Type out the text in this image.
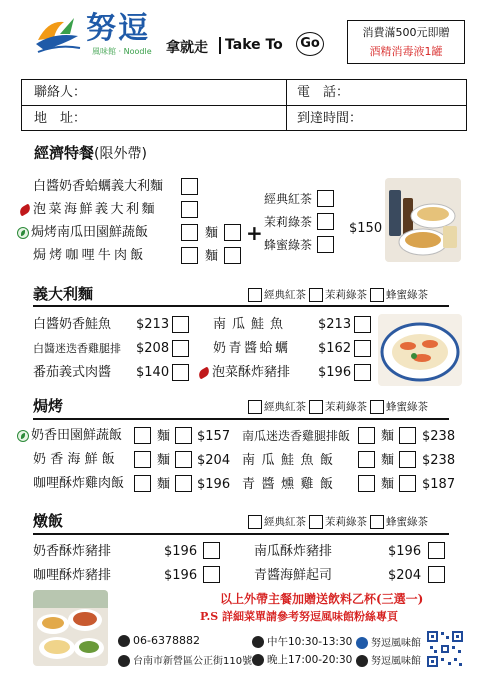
努逗
風味館 · Noodle 拿就走 Take To	Go
消費滿500元即贈
酒精消毒液1罐
聯絡人：	電　話：
地　址：	到達時間：
經濟特餐(限外帶)
白醬奶香蛤蠣義大利麵
泡菜海鮮義大利麵
焗烤南瓜田園鮮蔬飯	麵
焗烤咖哩牛肉飯	麵
+
經典紅茶
茉莉綠茶
蜂蜜綠茶
$150
義大利麵	經典紅茶 茉莉綠茶 蜂蜜綠茶
白醬奶香鮭魚 $213
白醬迷迭香雞腿排 $208
番茄義式肉醬 $140
南瓜鮭魚 $213
奶青醬蛤蠣 $162
泡菜酥炸豬排 $196
焗烤	經典紅茶 茉莉綠茶 蜂蜜綠茶
奶香田園鮮蔬飯	麵 $157
奶香海鮮飯	麵 $204
咖哩酥炸雞肉飯	麵 $196
南瓜迷迭香雞腿排飯 麵 $238
南瓜鮭魚飯	麵 $238
青醬燻雞飯	麵 $187
燉飯	經典紅茶 茉莉綠茶 蜂蜜綠茶
奶香酥炸豬排	$196
咖哩酥炸豬排	$196
南瓜酥炸豬排	$196
青醬海鮮起司	$204
以上外帶主餐加贈送飲料乙杯(三選一)
P.S 詳細菜單請參考努逗風味館粉絲專頁
06-6378882
台南市新營區公正街110號
中午10:30-13:30
晚上17:00-20:30
努逗風味館
努逗風味館
